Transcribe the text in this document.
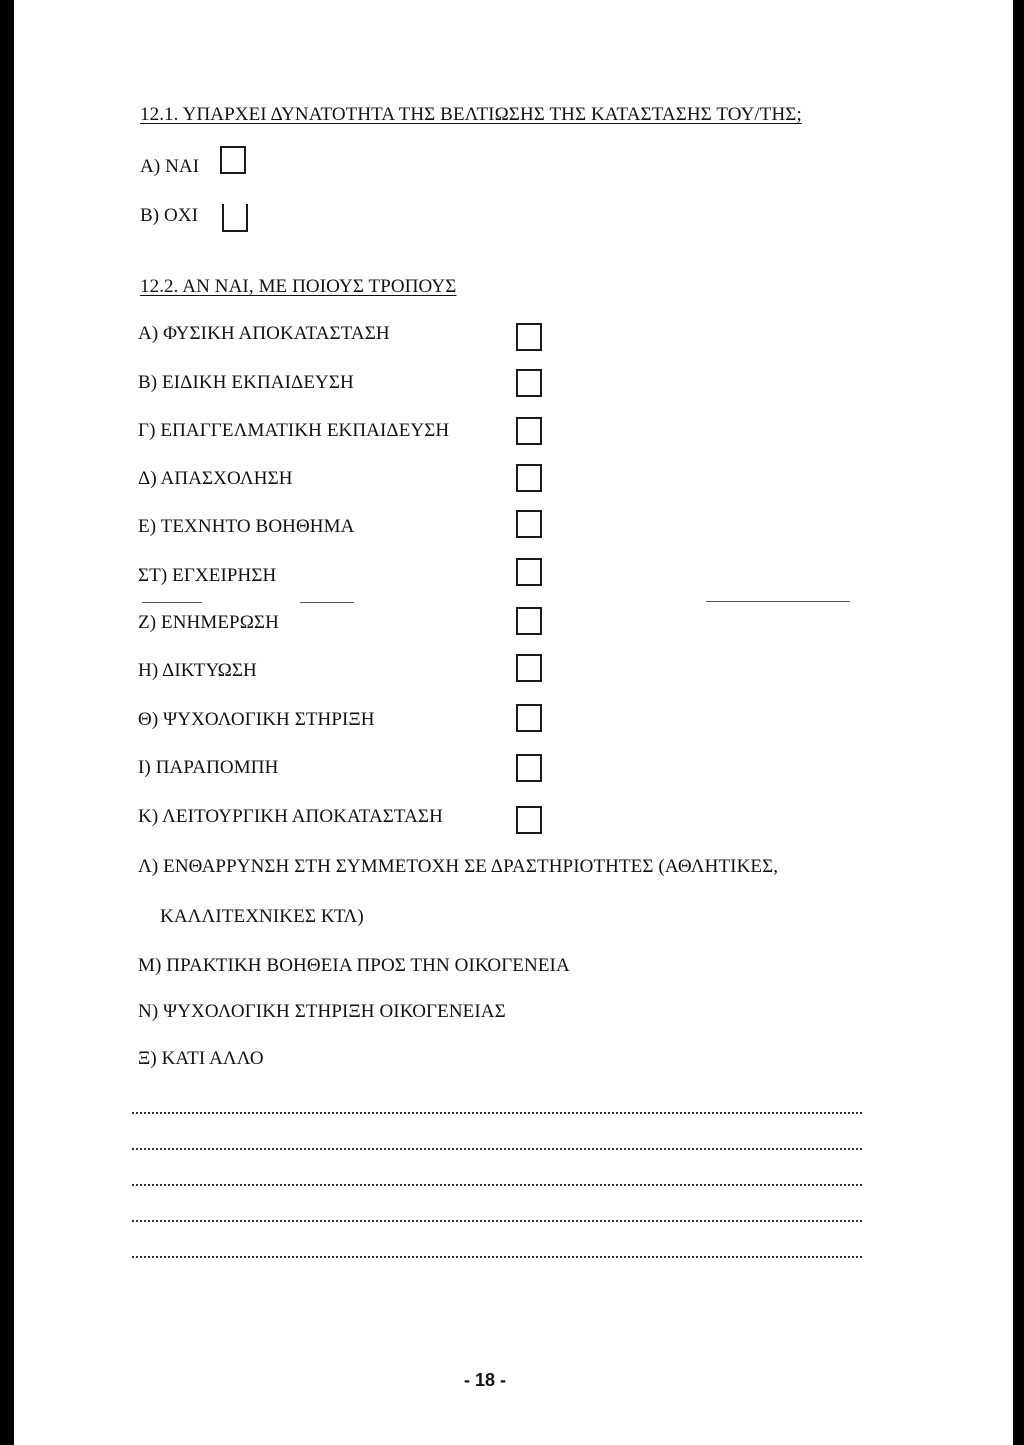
12.1. ΥΠΑΡΧΕΙ ΔΥΝΑΤΟΤΗΤΑ ΤΗΣ ΒΕΛΤΙΩΣΗΣ ΤΗΣ ΚΑΤΑΣΤΑΣΗΣ ΤΟΥ/ΤΗΣ;
Α) ΝΑΙ
Β) ΟΧΙ
12.2. ΑΝ ΝΑΙ, ΜΕ ΠΟΙΟΥΣ ΤΡΟΠΟΥΣ
Α) ΦΥΣΙΚΗ ΑΠΟΚΑΤΑΣΤΑΣΗ
Β) ΕΙΔΙΚΗ ΕΚΠΑΙΔΕΥΣΗ
Γ) ΕΠΑΓΓΕΛΜΑΤΙΚΗ ΕΚΠΑΙΔΕΥΣΗ
Δ) ΑΠΑΣΧΟΛΗΣΗ
Ε) ΤΕΧΝΗΤΟ ΒΟΗΘΗΜΑ
ΣΤ) ΕΓΧΕΙΡΗΣΗ
Ζ) ΕΝΗΜΕΡΩΣΗ
Η) ΔΙΚΤΥΩΣΗ
Θ) ΨΥΧΟΛΟΓΙΚΗ ΣΤΗΡΙΞΗ
Ι) ΠΑΡΑΠΟΜΠΗ
Κ) ΛΕΙΤΟΥΡΓΙΚΗ ΑΠΟΚΑΤΑΣΤΑΣΗ
Λ) ΕΝΘΑΡΡΥΝΣΗ ΣΤΗ ΣΥΜΜΕΤΟΧΗ ΣΕ ΔΡΑΣΤΗΡΙΟΤΗΤΕΣ (ΑΘΛΗΤΙΚΕΣ,
ΚΑΛΛΙΤΕΧΝΙΚΕΣ ΚΤΛ)
Μ) ΠΡΑΚΤΙΚΗ ΒΟΗΘΕΙΑ ΠΡΟΣ ΤΗΝ ΟΙΚΟΓΕΝΕΙΑ
Ν) ΨΥΧΟΛΟΓΙΚΗ ΣΤΗΡΙΞΗ ΟΙΚΟΓΕΝΕΙΑΣ
Ξ) ΚΑΤΙ ΑΛΛΟ
- 18 -
